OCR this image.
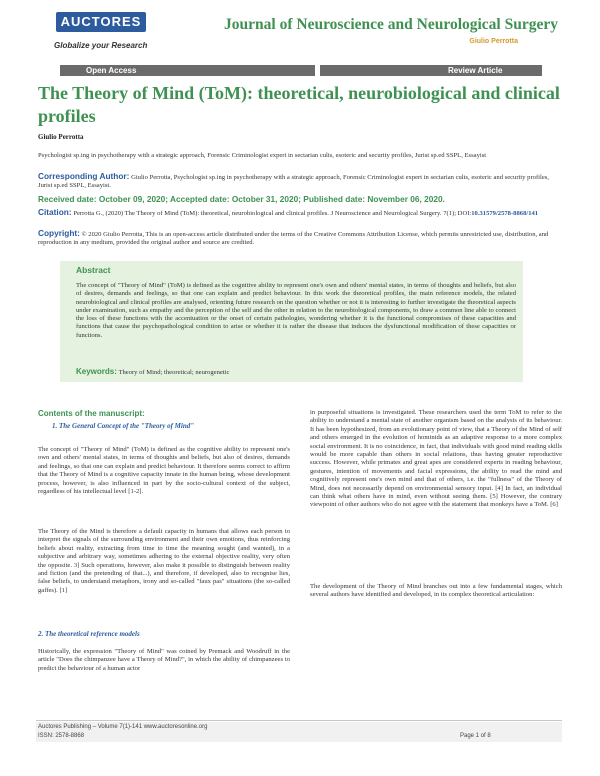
AUCTORES
Globalize your Research
Journal of Neuroscience and Neurological Surgery
Giulio Perrotta
Open Access	Review Article
The Theory of Mind (ToM): theoretical, neurobiological and clinical profiles
Giulio Perrotta
Psychologist sp.ing in psychotherapy with a strategic approach, Forensic Criminologist expert in sectarian cults, esoteric and security profiles, Jurist sp.ed SSPL, Essayist
Corresponding Author: Giulio Perrotta, Psychologist sp.ing in psychotherapy with a strategic approach, Forensic Criminologist expert in sectarian cults, esoteric and security profiles, Jurist sp.ed SSPL, Essayist.
Received date: October 09, 2020; Accepted date: October 31, 2020; Published date: November 06, 2020.
Citation: Perrotta G., (2020) The Theory of Mind (ToM): theoretical, neurobiological and clinical profiles. J Neuroscience and Neurological Surgery. 7(1); DOI:10.31579/2578-8868/141
Copyright: © 2020 Giulio Perrotta, This is an open-access article distributed under the terms of the Creative Commons Attribution License, which permits unrestricted use, distribution, and reproduction in any medium, provided the original author and source are credited.
Abstract
The concept of "Theory of Mind" (ToM) is defined as the cognitive ability to represent one's own and others' mental states, in terms of thoughts and beliefs, but also of desires, demands and feelings, so that one can explain and predict behaviour. In this work the theoretical profiles, the main reference models, the related neurobiological and clinical profiles are analysed, orienting future research on the question whether or not it is interesting to further investigate the theoretical aspects under examination, such as empathy and the perception of the self and the other in relation to the neurobiological components, to draw a common line able to connect the loss of these functions with the accentuation or the onset of certain pathologies, wondering whether it is the functional compromises of these capacities and functions that cause the psychopathological condition to arise or whether it is rather the disease that induces the dysfunctional modification of these capacities or functions.
Keywords: Theory of Mind; theoretical; neurogenetic
Contents of the manuscript:
1. The General Concept of the "Theory of Mind"
The concept of "Theory of Mind" (ToM) is defined as the cognitive ability to represent one's own and others' mental states, in terms of thoughts and beliefs, but also of desires, demands and feelings, so that one can explain and predict behaviour. It therefore seems correct to affirm that the Theory of Mind is a cognitive capacity innate in the human being, whose development process, however, is also influenced in part by the socio-cultural context of the subject, regardless of his intellectual level [1-2].
The Theory of the Mind is therefore a default capacity in humans that allows each person to interpret the signals of the surrounding environment and their own emotions, thus reinforcing beliefs about reality, extracting from time to time the meaning sought (and wanted), in a subjective and arbitrary way, sometimes adhering to the external objective reality, very often the opposite. 3] Such operations, however, also make it possible to distinguish between reality and fiction (and the pretending of that...), and therefore, if developed, also to recognise lies, false beliefs, to understand metaphors, irony and so-called "faux pas" situations (the so-called gaffes). [1]
2. The theoretical reference models
Historically, the expression "Theory of Mind" was coined by Premack and Woodruff in the article "Does the chimpanzee have a Theory of Mind?", in which the ability of chimpanzees to predict the behaviour of a human actor
in purposeful situations is investigated. These researchers used the term ToM to refer to the ability to understand a mental state of another organism based on the analysis of its behaviour. It has been hypothesized, from an evolutionary point of view, that a Theory of the Mind of self and others emerged in the evolution of hominids as an adaptive response to a more complex social environment. It is no coincidence, in fact, that individuals with good mind reading skills would be more capable than others in social relations, thus having greater reproductive success. However, while primates and great apes are considered experts in reading behaviour, gestures, intention of movements and facial expressions, the ability to read the mind and cognitively represent one's own mind and that of others, i.e. the "fullness" of the Theory of Mind, does not necessarily depend on environmental sensory input. [4] In fact, an individual can think what others have in mind, even without seeing them. [5] However, the contrary viewpoint of other authors who do not agree with the statement that monkeys have a ToM. [6]
The development of the Theory of Mind branches out into a few fundamental stages, which several authors have identified and developed, in its complex theoretical articulation:
Auctores Publishing – Volume 7(1)-141 www.auctoresonline.org
ISSN: 2578-8868	Page 1 of 8
